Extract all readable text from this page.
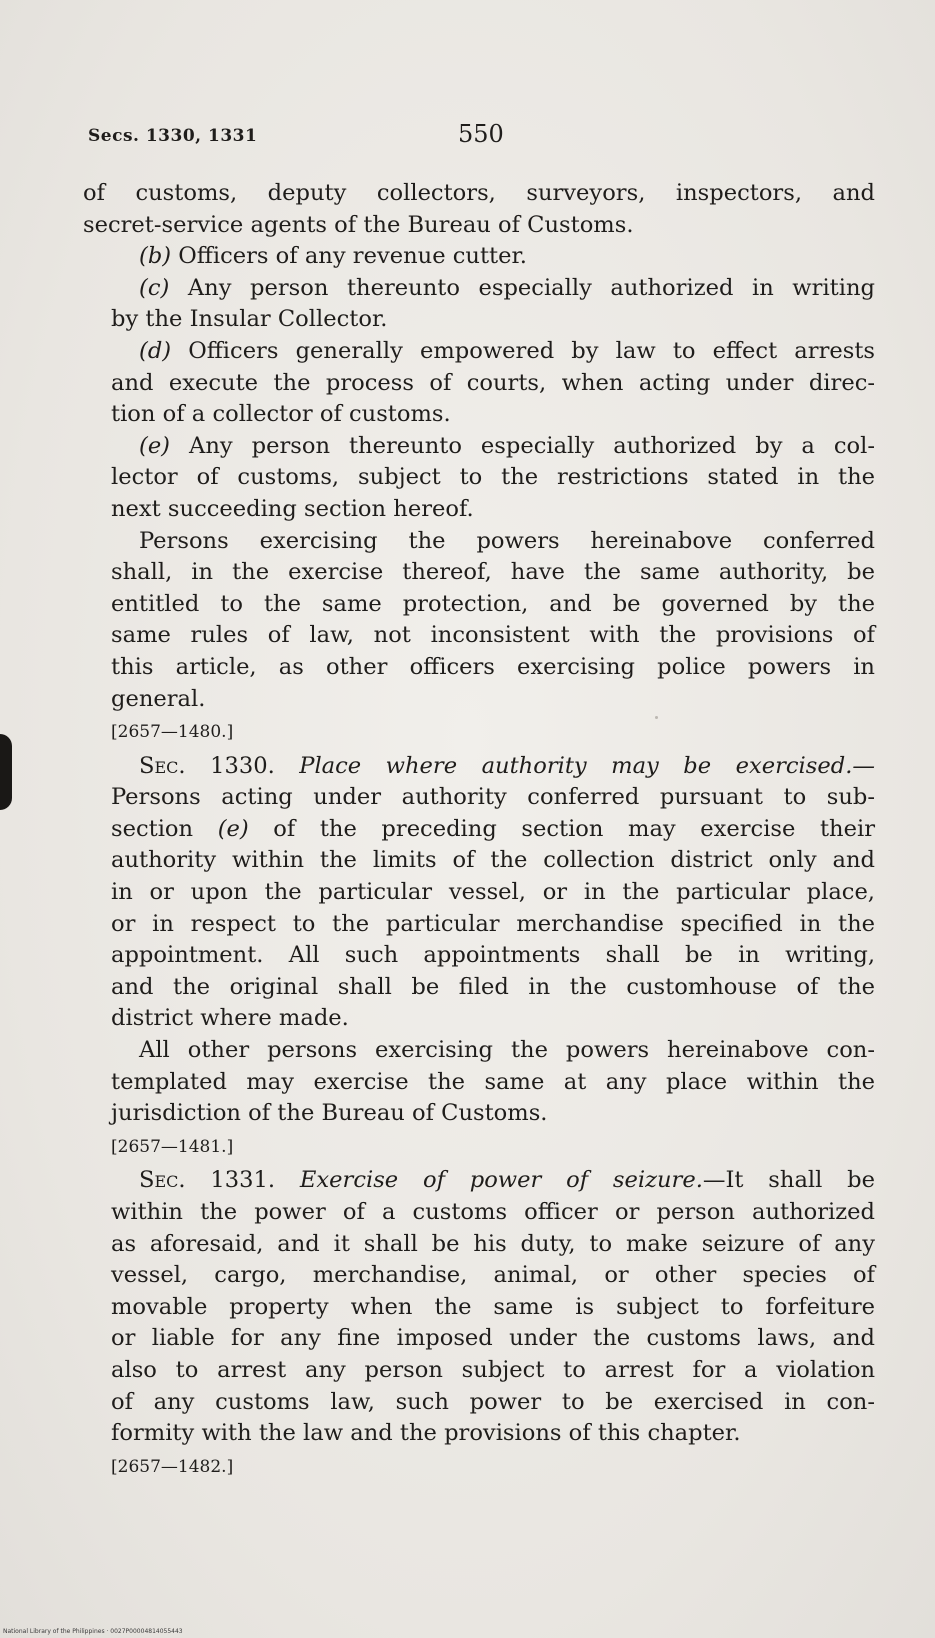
Secs. 1330, 1331	550
of customs, deputy collectors, surveyors, inspectors, and
secret-service agents of the Bureau of Customs.
(b) Officers of any revenue cutter.
(c) Any person thereunto especially authorized in writing
by the Insular Collector.
(d) Officers generally empowered by law to effect arrests
and execute the process of courts, when acting under direc-
tion of a collector of customs.
(e) Any person thereunto especially authorized by a col-
lector of customs, subject to the restrictions stated in the
next succeeding section hereof.
Persons exercising the powers hereinabove conferred
shall, in the exercise thereof, have the same authority, be
entitled to the same protection, and be governed by the
same rules of law, not inconsistent with the provisions of
this article, as other officers exercising police powers in
general.
[2657—1480.]
Sec. 1330. Place where authority may be exercised.—
Persons acting under authority conferred pursuant to sub-
section (e) of the preceding section may exercise their
authority within the limits of the collection district only and
in or upon the particular vessel, or in the particular place,
or in respect to the particular merchandise specified in the
appointment. All such appointments shall be in writing,
and the original shall be filed in the customhouse of the
district where made.
All other persons exercising the powers hereinabove con-
templated may exercise the same at any place within the
jurisdiction of the Bureau of Customs.
[2657—1481.]
Sec. 1331. Exercise of power of seizure.—It shall be
within the power of a customs officer or person authorized
as aforesaid, and it shall be his duty, to make seizure of any
vessel, cargo, merchandise, animal, or other species of
movable property when the same is subject to forfeiture
or liable for any fine imposed under the customs laws, and
also to arrest any person subject to arrest for a violation
of any customs law, such power to be exercised in con-
formity with the law and the provisions of this chapter.
[2657—1482.]
National Library of the Philippines · 0027P00004814055443
